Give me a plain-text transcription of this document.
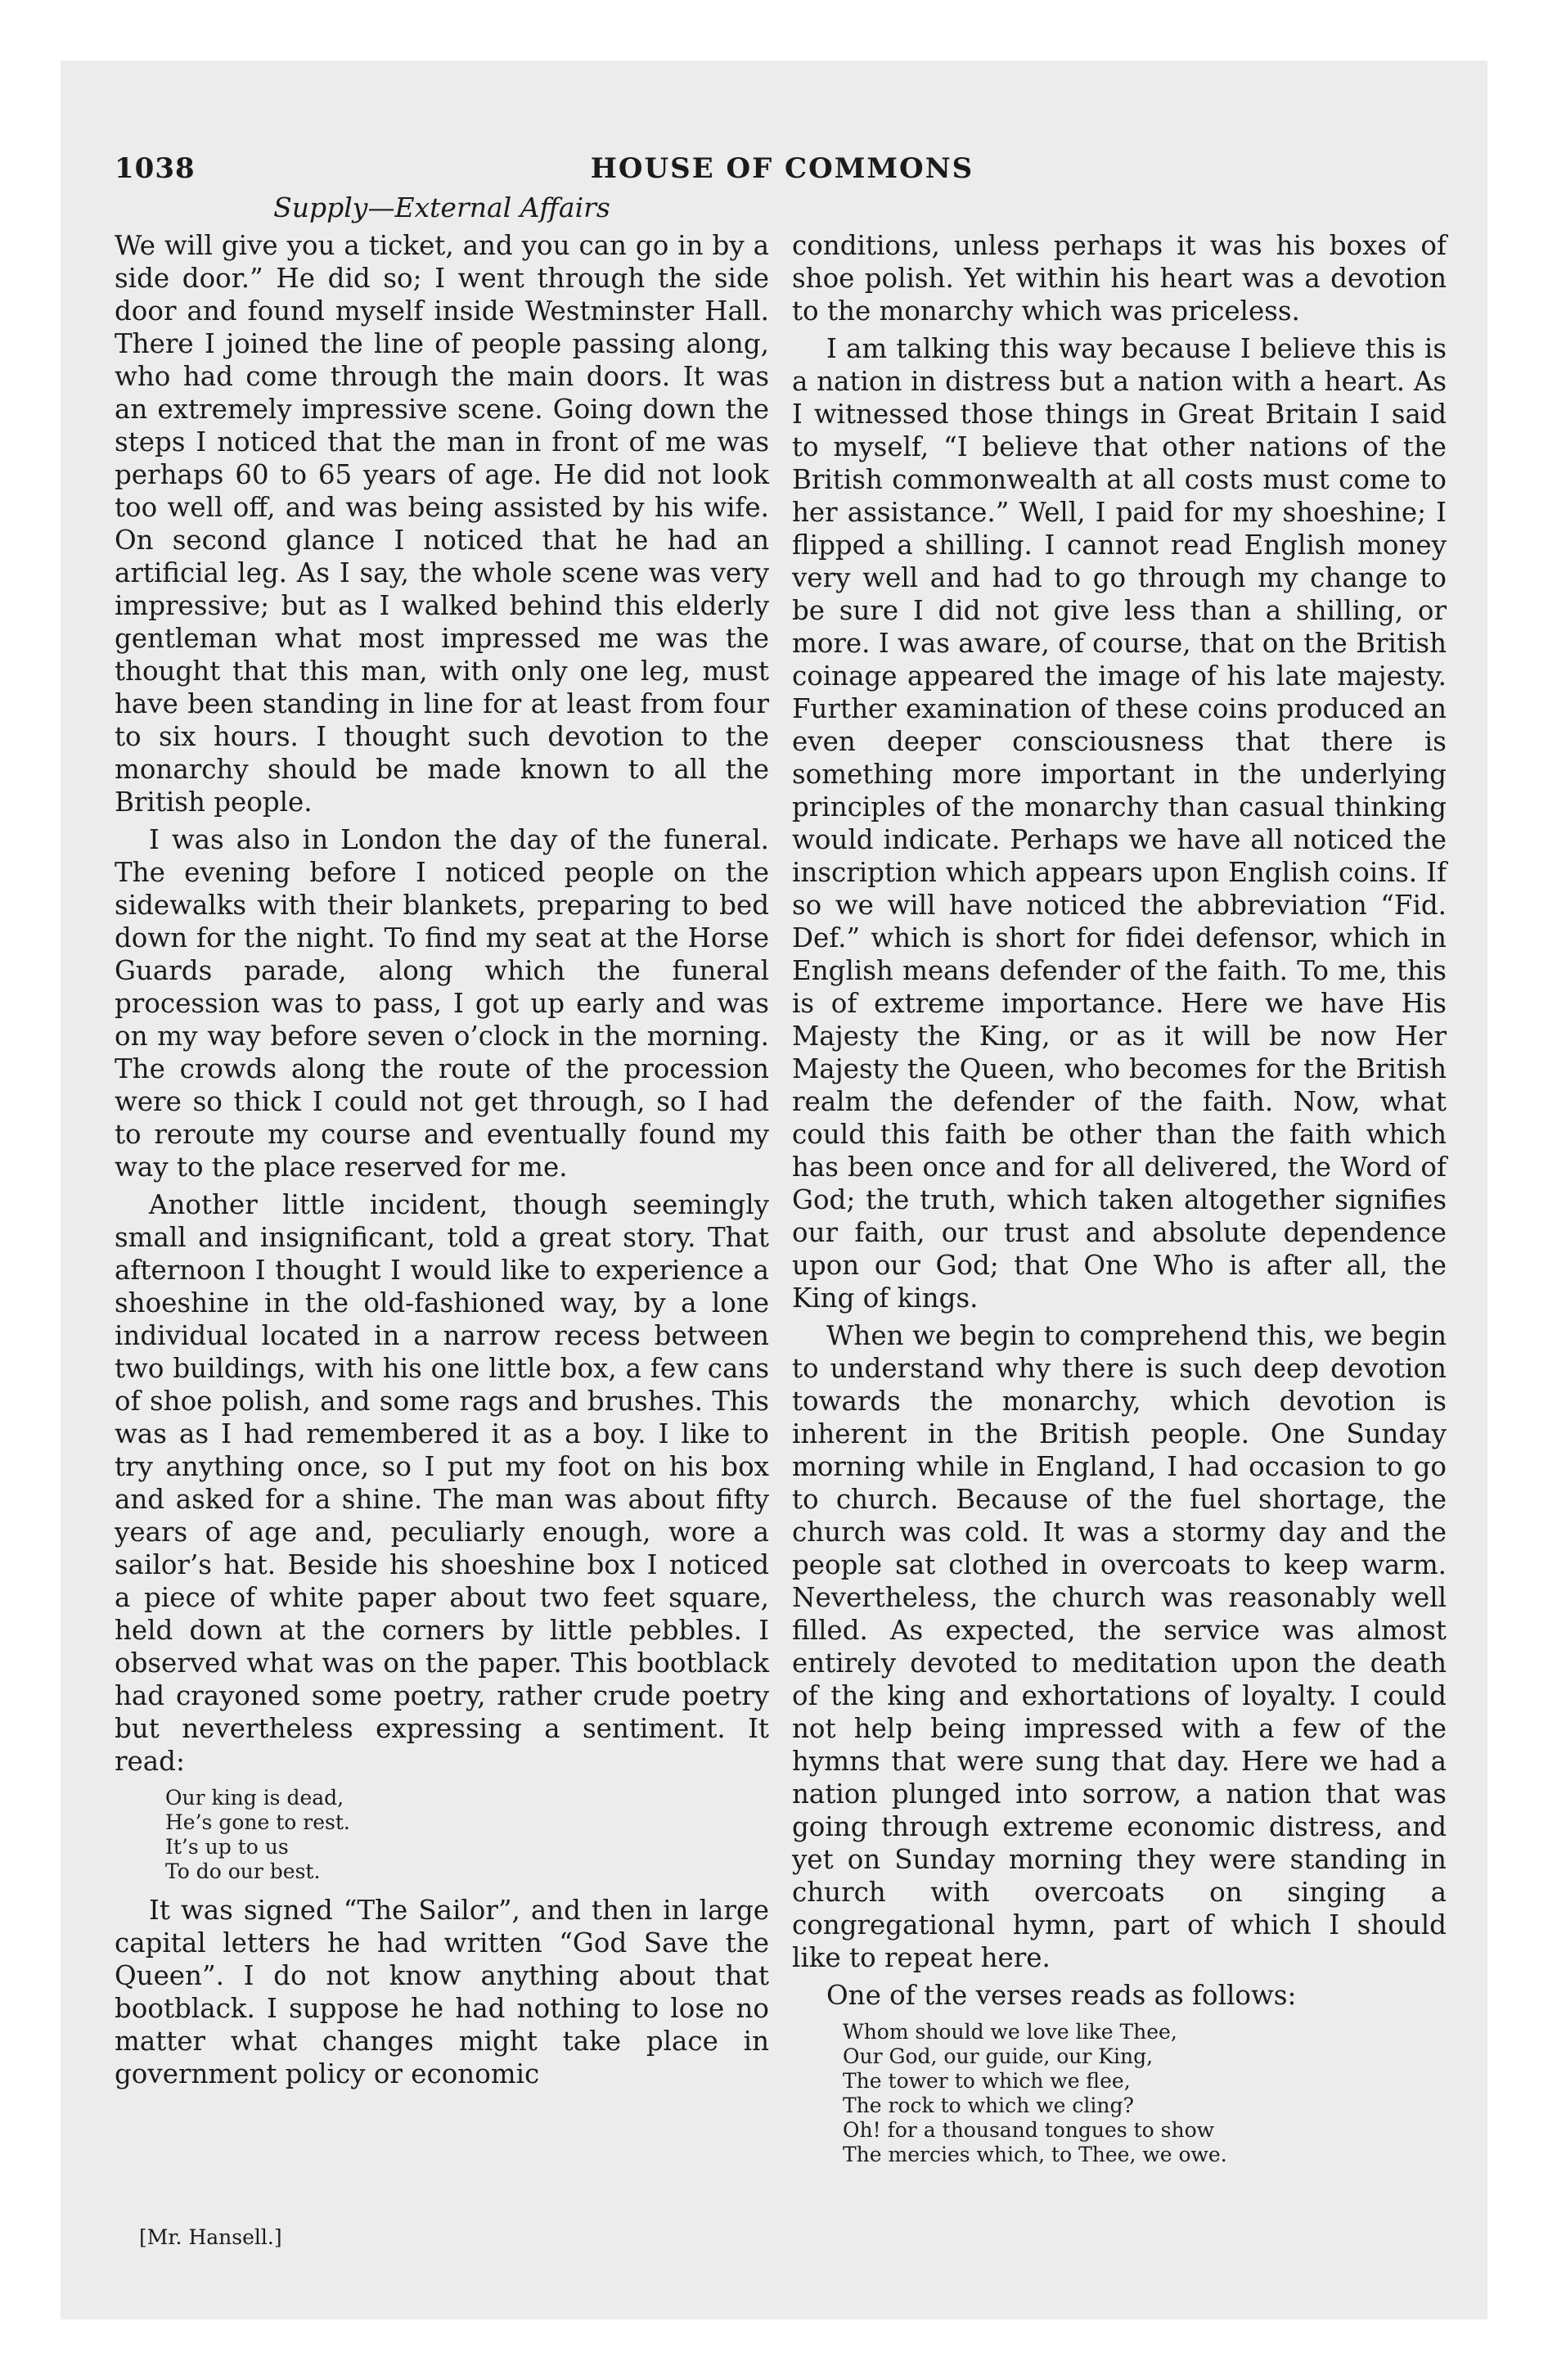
1038	HOUSE OF COMMONS
Supply—External Affairs

We will give you a ticket, and you can go in by a side door.” He did so; I went through the side door and found myself inside Westminster Hall. There I joined the line of people passing along, who had come through the main doors. It was an extremely impressive scene. Going down the steps I noticed that the man in front of me was perhaps 60 to 65 years of age. He did not look too well off, and was being assisted by his wife. On second glance I noticed that he had an artificial leg. As I say, the whole scene was very impressive; but as I walked behind this elderly gentleman what most impressed me was the thought that this man, with only one leg, must have been standing in line for at least from four to six hours. I thought such devotion to the monarchy should be made known to all the British people.

I was also in London the day of the funeral. The evening before I noticed people on the sidewalks with their blankets, preparing to bed down for the night. To find my seat at the Horse Guards parade, along which the funeral procession was to pass, I got up early and was on my way before seven o’clock in the morning. The crowds along the route of the procession were so thick I could not get through, so I had to reroute my course and eventually found my way to the place reserved for me.

Another little incident, though seemingly small and insignificant, told a great story. That afternoon I thought I would like to experience a shoeshine in the old-fashioned way, by a lone individual located in a narrow recess between two buildings, with his one little box, a few cans of shoe polish, and some rags and brushes. This was as I had remembered it as a boy. I like to try anything once, so I put my foot on his box and asked for a shine. The man was about fifty years of age and, peculiarly enough, wore a sailor’s hat. Beside his shoeshine box I noticed a piece of white paper about two feet square, held down at the corners by little pebbles. I observed what was on the paper. This bootblack had crayoned some poetry, rather crude poetry but nevertheless expressing a sentiment. It read:

Our king is dead,
He’s gone to rest.
It’s up to us
To do our best.

It was signed “The Sailor”, and then in large capital letters he had written “God Save the Queen”. I do not know anything about that bootblack. I suppose he had nothing to lose no matter what changes might take place in government policy or economic

[Mr. Hansell.]

conditions, unless perhaps it was his boxes of shoe polish. Yet within his heart was a devotion to the monarchy which was priceless.

I am talking this way because I believe this is a nation in distress but a nation with a heart. As I witnessed those things in Great Britain I said to myself, “I believe that other nations of the British commonwealth at all costs must come to her assistance.” Well, I paid for my shoeshine; I flipped a shilling. I cannot read English money very well and had to go through my change to be sure I did not give less than a shilling, or more. I was aware, of course, that on the British coinage appeared the image of his late majesty. Further examination of these coins produced an even deeper consciousness that there is something more important in the underlying principles of the monarchy than casual thinking would indicate. Perhaps we have all noticed the inscription which appears upon English coins. If so we will have noticed the abbreviation “Fid. Def.” which is short for fidei defensor, which in English means defender of the faith. To me, this is of extreme importance. Here we have His Majesty the King, or as it will be now Her Majesty the Queen, who becomes for the British realm the defender of the faith. Now, what could this faith be other than the faith which has been once and for all delivered, the Word of God; the truth, which taken altogether signifies our faith, our trust and absolute dependence upon our God; that One Who is after all, the King of kings.

When we begin to comprehend this, we begin to understand why there is such deep devotion towards the monarchy, which devotion is inherent in the British people. One Sunday morning while in England, I had occasion to go to church. Because of the fuel shortage, the church was cold. It was a stormy day and the people sat clothed in overcoats to keep warm. Nevertheless, the church was reasonably well filled. As expected, the service was almost entirely devoted to meditation upon the death of the king and exhortations of loyalty. I could not help being impressed with a few of the hymns that were sung that day. Here we had a nation plunged into sorrow, a nation that was going through extreme economic distress, and yet on Sunday morning they were standing in church with overcoats on singing a congregational hymn, part of which I should like to repeat here.

One of the verses reads as follows:

Whom should we love like Thee,
Our God, our guide, our King,
The tower to which we flee,
The rock to which we cling?
Oh! for a thousand tongues to show
The mercies which, to Thee, we owe.
